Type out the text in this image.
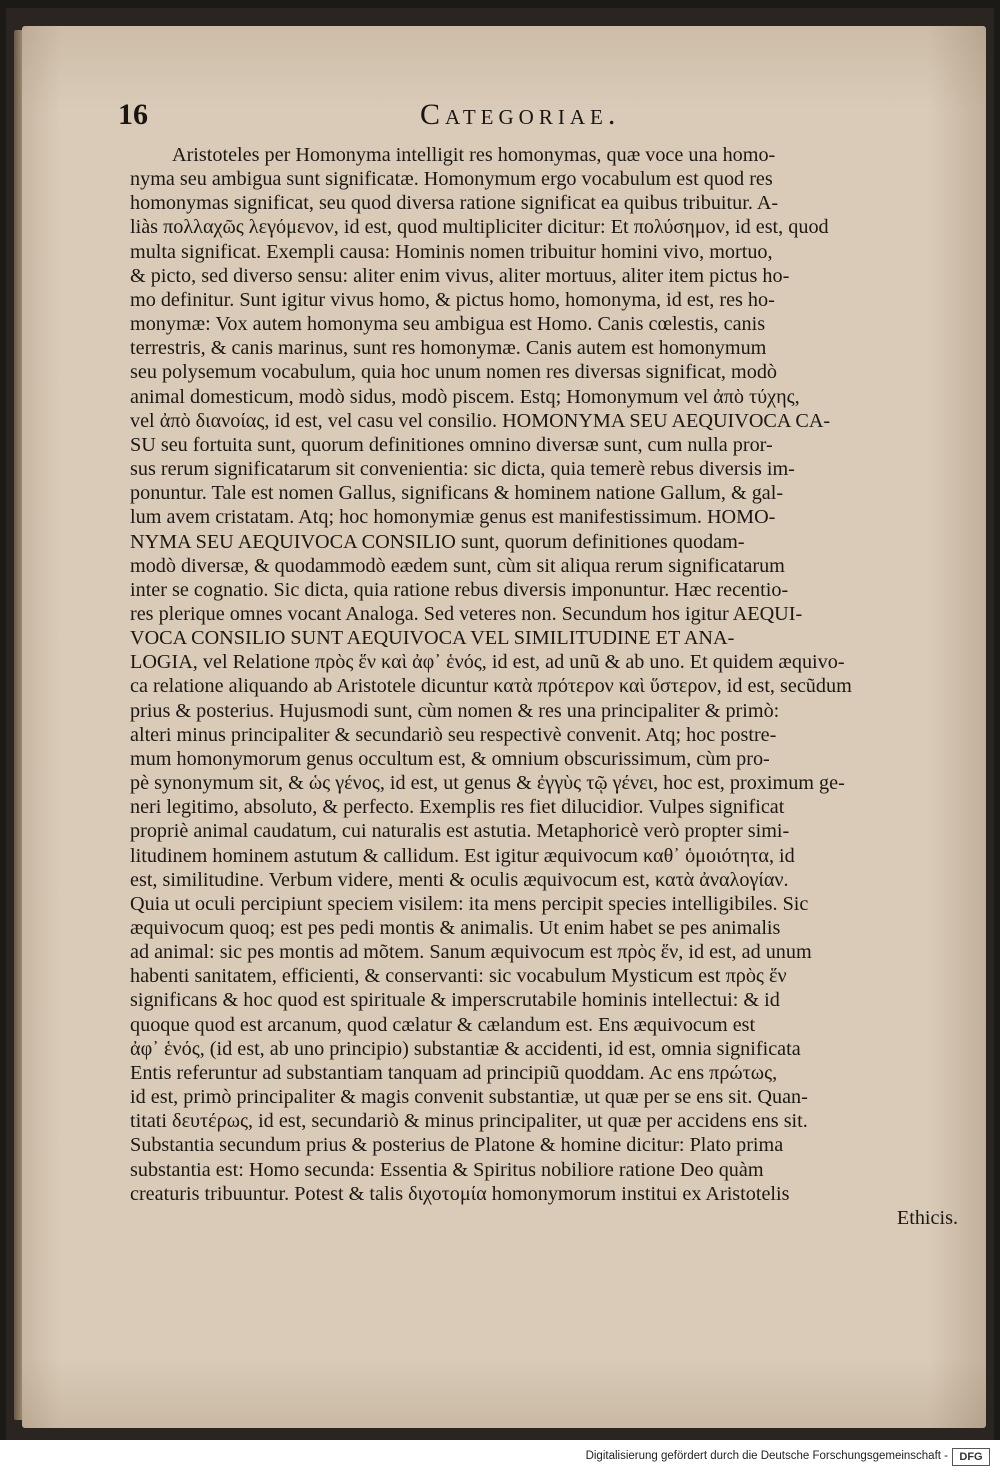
16	Categoriae.
Aristoteles per Homonyma intelligit res homonymas, quæ voce una homo-
nyma seu ambigua sunt significatæ. Homonymum ergo vocabulum est quod res
homonymas significat, seu quod diversa ratione significat ea quibus tribuitur. A-
liàs πολλαχῶς λεγόμενον, id est, quod multipliciter dicitur: Et πολύσημον, id est, quod
multa significat. Exempli causa: Hominis nomen tribuitur homini vivo, mortuo,
& picto, sed diverso sensu: aliter enim vivus, aliter mortuus, aliter item pictus ho-
mo definitur. Sunt igitur vivus homo, & pictus homo, homonyma, id est, res ho-
monymæ: Vox autem homonyma seu ambigua est Homo. Canis cœlestis, canis
terrestris, & canis marinus, sunt res homonymæ. Canis autem est homonymum
seu polysemum vocabulum, quia hoc unum nomen res diversas significat, modò
animal domesticum, modò sidus, modò piscem. Estq; Homonymum vel ἀπὸ τύχης,
vel ἀπὸ διανοίας, id est, vel casu vel consilio. HOMONYMA SEU AEQUIVOCA CA-
SU seu fortuita sunt, quorum definitiones omnino diversæ sunt, cum nulla pror-
sus rerum significatarum sit convenientia: sic dicta, quia temerè rebus diversis im-
ponuntur. Tale est nomen Gallus, significans & hominem natione Gallum, & gal-
lum avem cristatam. Atq; hoc homonymiæ genus est manifestissimum. HOMO-
NYMA SEU AEQUIVOCA CONSILIO sunt, quorum definitiones quodam-
modò diversæ, & quodammodò eædem sunt, cùm sit aliqua rerum significatarum
inter se cognatio. Sic dicta, quia ratione rebus diversis imponuntur. Hæc recentio-
res plerique omnes vocant Analoga. Sed veteres non. Secundum hos igitur AEQUI-
VOCA CONSILIO SUNT AEQUIVOCA VEL SIMILITUDINE ET ANA-
LOGIA, vel Relatione πρὸς ἕν καὶ ἀφ᾽ ἑνός, id est, ad unũ & ab uno. Et quidem æquivo-
ca relatione aliquando ab Aristotele dicuntur κατὰ πρότερον καὶ ὕστερον, id est, secũdum
prius & posterius. Hujusmodi sunt, cùm nomen & res una principaliter & primò:
alteri minus principaliter & secundariò seu respectivè convenit. Atq; hoc postre-
mum homonymorum genus occultum est, & omnium obscurissimum, cùm pro-
pè synonymum sit, & ὡς γένος, id est, ut genus & ἐγγὺς τῷ γένει, hoc est, proximum ge-
neri legitimo, absoluto, & perfecto. Exemplis res fiet dilucidior. Vulpes significat
propriè animal caudatum, cui naturalis est astutia. Metaphoricè verò propter simi-
litudinem hominem astutum & callidum. Est igitur æquivocum καθ᾽ ὁμοιότητα, id
est, similitudine. Verbum videre, menti & oculis æquivocum est, κατὰ ἀναλογίαν.
Quia ut oculi percipiunt speciem visilem: ita mens percipit species intelligibiles. Sic
æquivocum quoq; est pes pedi montis & animalis. Ut enim habet se pes animalis
ad animal: sic pes montis ad mõtem. Sanum æquivocum est πρὸς ἕν, id est, ad unum
habenti sanitatem, efficienti, & conservanti: sic vocabulum Mysticum est πρὸς ἕν
significans & hoc quod est spirituale & imperscrutabile hominis intellectui: & id
quoque quod est arcanum, quod cælatur & cælandum est. Ens æquivocum est
ἀφ᾽ ἑνός, (id est, ab uno principio) substantiæ & accidenti, id est, omnia significata
Entis referuntur ad substantiam tanquam ad principiũ quoddam. Ac ens πρώτως,
id est, primò principaliter & magis convenit substantiæ, ut quæ per se ens sit. Quan-
titati δευτέρως, id est, secundariò & minus principaliter, ut quæ per accidens ens sit.
Substantia secundum prius & posterius de Platone & homine dicitur: Plato prima
substantia est: Homo secunda: Essentia & Spiritus nobiliore ratione Deo quàm
creaturis tribuuntur. Potest & talis διχοτομία homonymorum institui ex Aristotelis
Ethicis.
Digitalisierung gefördert durch die Deutsche Forschungsgemeinschaft -	DFG
